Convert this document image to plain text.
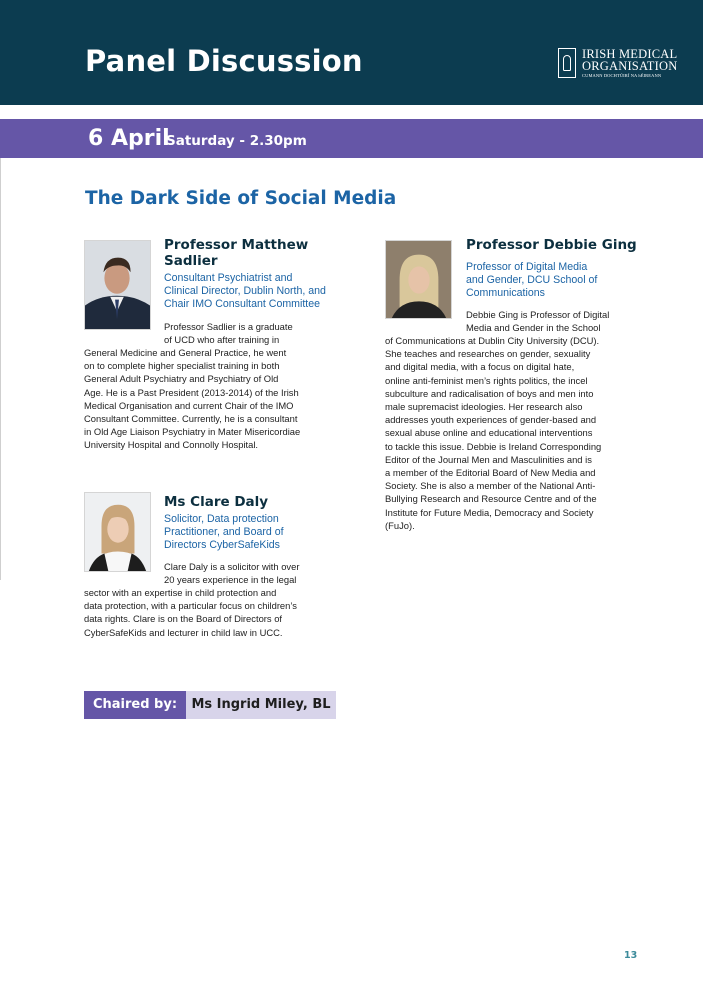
Panel Discussion	IRISH MEDICAL
ORGANISATION
CUMANN DOCHTÚIRÍ NA hÉIREANN
6 April
Saturday - 2.30pm
The Dark Side of Social Media
Professor Matthew Sadlier
Consultant Psychiatrist and
Clinical Director, Dublin North, and
Chair IMO Consultant Committee
Professor Sadlier is a graduate
of UCD who after training in
General Medicine and General Practice, he went
on to complete higher specialist training in both
General Adult Psychiatry and Psychiatry of Old
Age. He is a Past President (2013-2014) of the Irish
Medical Organisation and current Chair of the IMO
Consultant Committee. Currently, he is a consultant
in Old Age Liaison Psychiatry in Mater Misericordiae
University Hospital and Connolly Hospital.
Professor Debbie Ging
Professor of Digital Media
and Gender, DCU School of
Communications
Debbie Ging is Professor of Digital
Media and Gender in the School
of Communications at Dublin City University (DCU).
She teaches and researches on gender, sexuality
and digital media, with a focus on digital hate,
online anti-feminist men’s rights politics, the incel
subculture and radicalisation of boys and men into
male supremacist ideologies. Her research also
addresses youth experiences of gender-based and
sexual abuse online and educational interventions
to tackle this issue. Debbie is Ireland Corresponding
Editor of the Journal Men and Masculinities and is
a member of the Editorial Board of New Media and
Society. She is also a member of the National Anti-
Bullying Research and Resource Centre and of the
Institute for Future Media, Democracy and Society
(FuJo).
Ms Clare Daly
Solicitor, Data protection
Practitioner, and Board of
Directors CyberSafeKids
Clare Daly is a solicitor with over
20 years experience in the legal
sector with an expertise in child protection and
data protection, with a particular focus on children’s
data rights. Clare is on the Board of Directors of
CyberSafeKids and lecturer in child law in UCC.
Chaired by:	Ms Ingrid Miley, BL
13
